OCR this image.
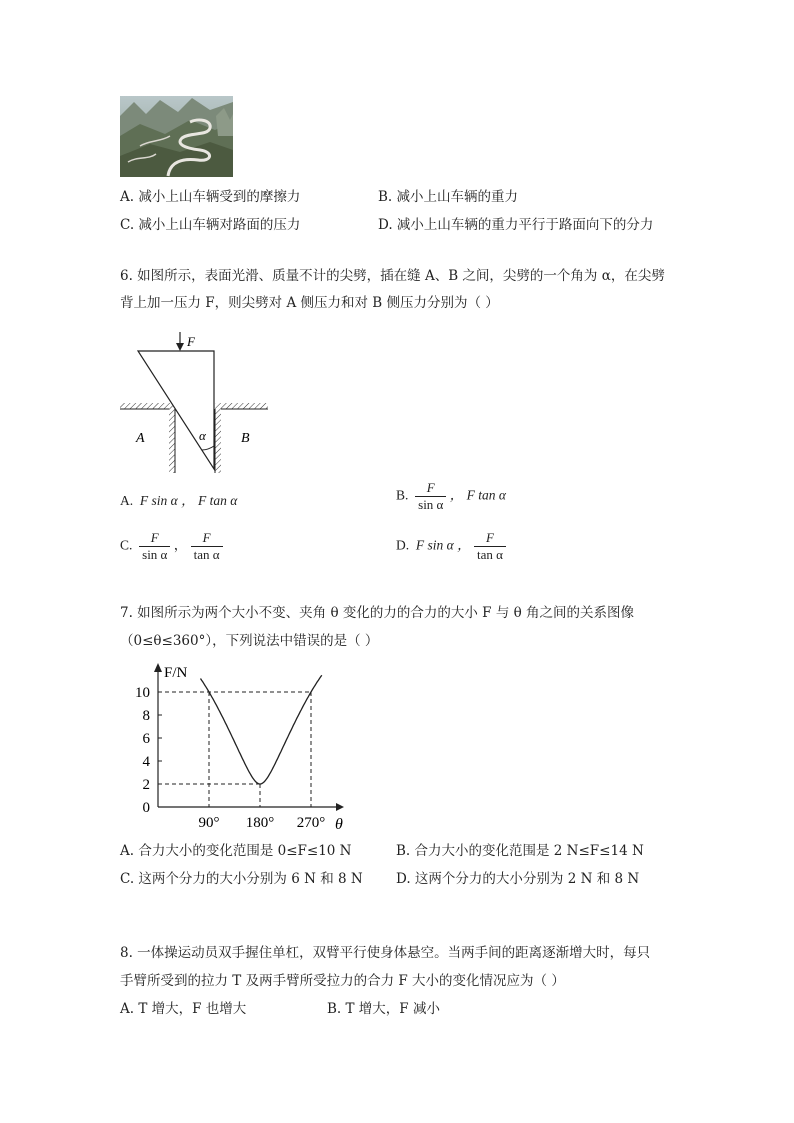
A. 减小上山车辆受到的摩擦力	B. 减小上山车辆的重力
C. 减小上山车辆对路面的压力	D. 减小上山车辆的重力平行于路面向下的分力
6. 如图所示，表面光滑、质量不计的尖劈，插在缝 A、B 之间，尖劈的一个角为 α，在尖劈
背上加一压力 F，则尖劈对 A 侧压力和对 B 侧压力分别为（ ）
F
A	B
α
A. F sin α ， F tan α	B. $\frac{F}{\text{sin α}}$ ， F tan α
C. $\frac{F}{\text{sin α}}$ ， $\frac{F}{\text{tan α}}$	D. F sin α ， $\frac{F}{\text{tan α}}$
7. 如图所示为两个大小不变、夹角 θ 变化的力的合力的大小 F 与 θ 角之间的关系图像
（0≤θ≤360°），下列说法中错误的是（ ）
0
2
4
6
8
10
F/N
90° 180° 270° θ
A. 合力大小的变化范围是 0≤F≤10 N	B. 合力大小的变化范围是 2 N≤F≤14 N
C. 这两个分力的大小分别为 6 N 和 8 N D. 这两个分力的大小分别为 2 N 和 8 N
8. 一体操运动员双手握住单杠，双臂平行使身体悬空。当两手间的距离逐渐增大时，每只
手臂所受到的拉力 T 及两手臂所受拉力的合力 F 大小的变化情况应为（ ）
A. T 增大，F 也增大	B. T 增大，F 减小
